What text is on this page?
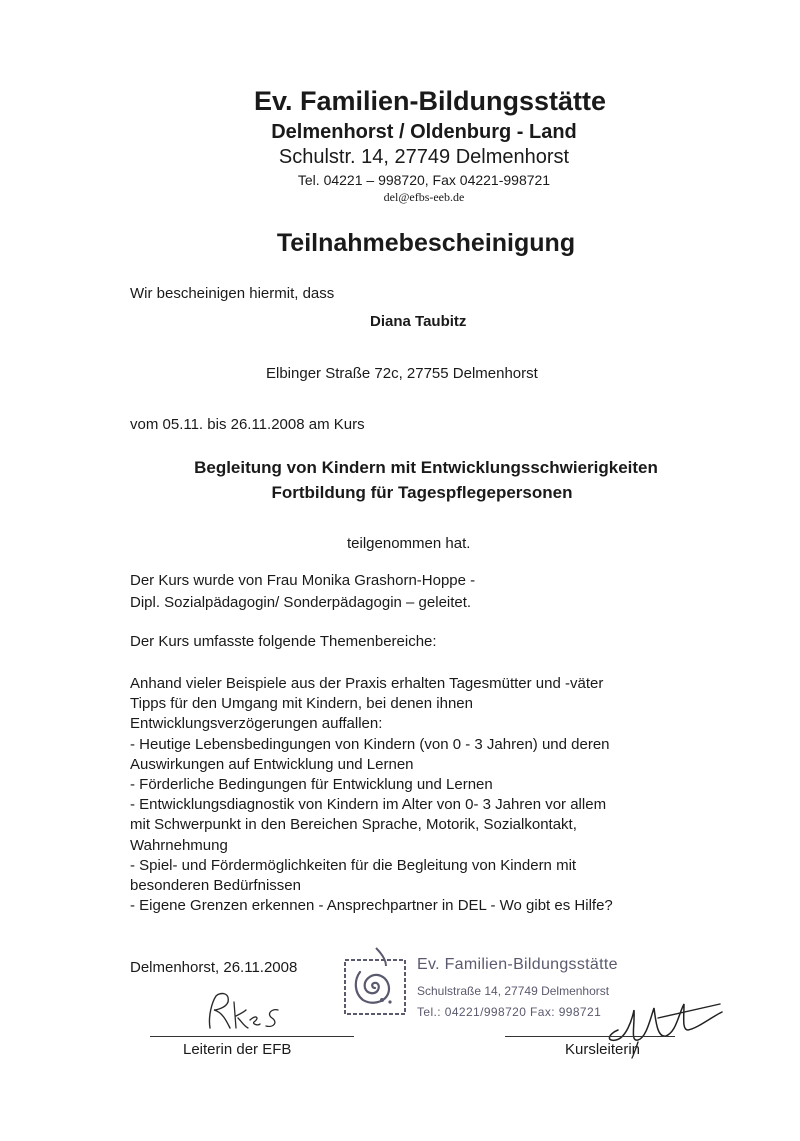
Ev. Familien-Bildungsstätte
Delmenhorst / Oldenburg - Land
Schulstr. 14, 27749 Delmenhorst
Tel. 04221 – 998720, Fax 04221-998721
del@efbs-eeb.de
Teilnahmebescheinigung
Wir bescheinigen hiermit, dass
Diana Taubitz
Elbinger Straße 72c, 27755 Delmenhorst
vom 05.11. bis 26.11.2008 am Kurs
Begleitung von Kindern mit Entwicklungsschwierigkeiten
Fortbildung für Tagespflegepersonen
teilgenommen hat.
Der Kurs wurde von Frau Monika Grashorn-Hoppe -
Dipl. Sozialpädagogin/ Sonderpädagogin – geleitet.
Der Kurs umfasste folgende Themenbereiche:
Anhand vieler Beispiele aus der Praxis erhalten Tagesmütter und -väter
Tipps für den Umgang mit Kindern, bei denen ihnen
Entwicklungsverzögerungen auffallen:
- Heutige Lebensbedingungen von Kindern (von 0 - 3 Jahren) und deren
Auswirkungen auf Entwicklung und Lernen
- Förderliche Bedingungen für Entwicklung und Lernen
- Entwicklungsdiagnostik von Kindern im Alter von 0- 3 Jahren vor allem
mit Schwerpunkt in den Bereichen Sprache, Motorik, Sozialkontakt,
Wahrnehmung
- Spiel- und Fördermöglichkeiten für die Begleitung von Kindern mit
besonderen Bedürfnissen
- Eigene Grenzen erkennen - Ansprechpartner in DEL - Wo gibt es Hilfe?
Delmenhorst, 26.11.2008
Leiterin der EFB
Ev. Familien-Bildungsstätte
Schulstraße 14, 27749 Delmenhorst
Tel.: 04221/998720 Fax: 998721
Kursleiterin
